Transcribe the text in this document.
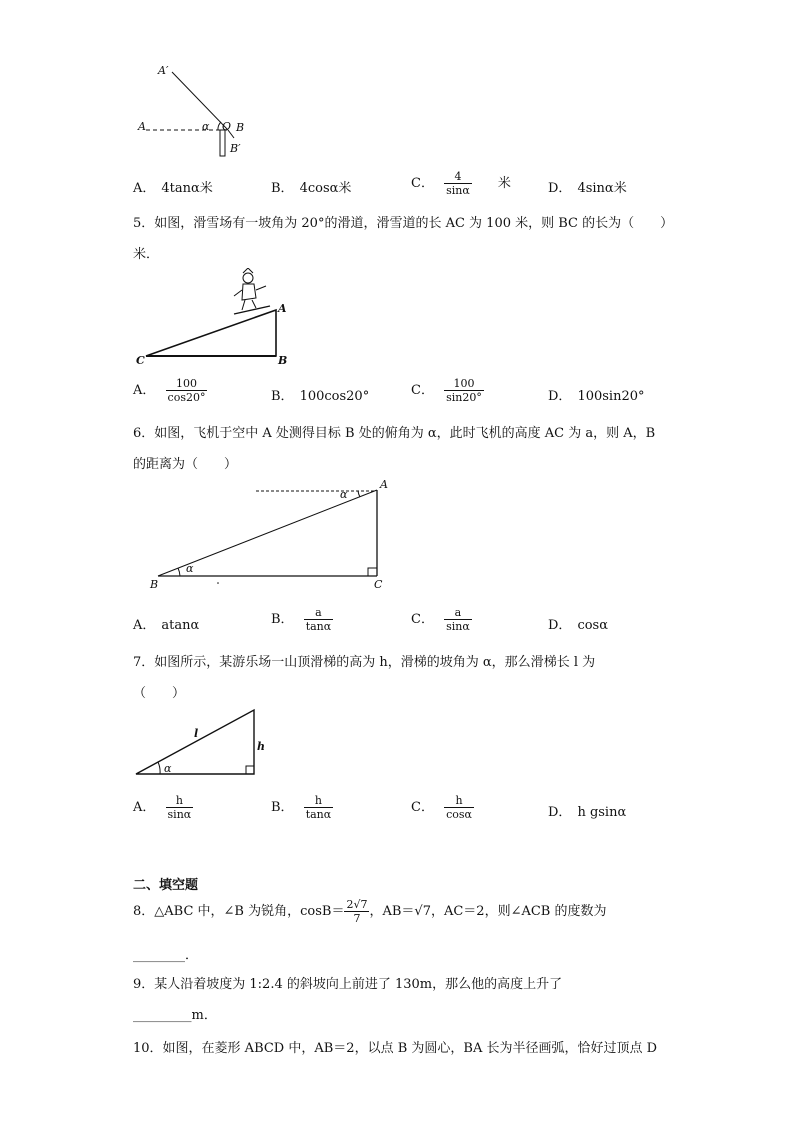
A′
A	α O B
B′
A． 4tanα米	B． 4cosα米	C． $\frac{4}{\sin\alpha}$ 米	D． 4sinα米
5．如图，滑雪场有一坡角为 20°的滑道，滑雪道的长 AC 为 100 米，则 BC 的长为（　　）
米．
A
B
C
A． $\frac{100}{\cos 20^\circ}$	B． 100cos20°	C． $\frac{100}{\sin 20^\circ}$	D． 100sin20°
6．如图，飞机于空中 A 处测得目标 B 处的俯角为 α，此时飞机的高度 AC 为 a，则 A，B
的距离为（　　）
A
B	C
α
α
A． atanα	B． $\frac{a}{\tan\alpha}$	C． $\frac{a}{\sin\alpha}$	D． cosα
7．如图所示，某游乐场一山顶滑梯的高为 h，滑梯的坡角为 α，那么滑梯长 l 为
（　　）
l
h
α
A． $\frac{h}{\sin\alpha}$	B． $\frac{h}{\tan\alpha}$	C． $\frac{h}{\cos\alpha}$	D． h gsinα
二、填空题
8．△ABC 中，∠B 为锐角，$\cos B= \frac{2√7}{7}$ ，AB＝√7，AC＝2，则∠ACB 的度数为
________．
9．某人沿着坡度为 1:2.4 的斜坡向上前进了 130m，那么他的高度上升了
_________m．
10．如图，在菱形 ABCD 中，AB＝2，以点 B 为圆心，BA 长为半径画弧，恰好过顶点 D
